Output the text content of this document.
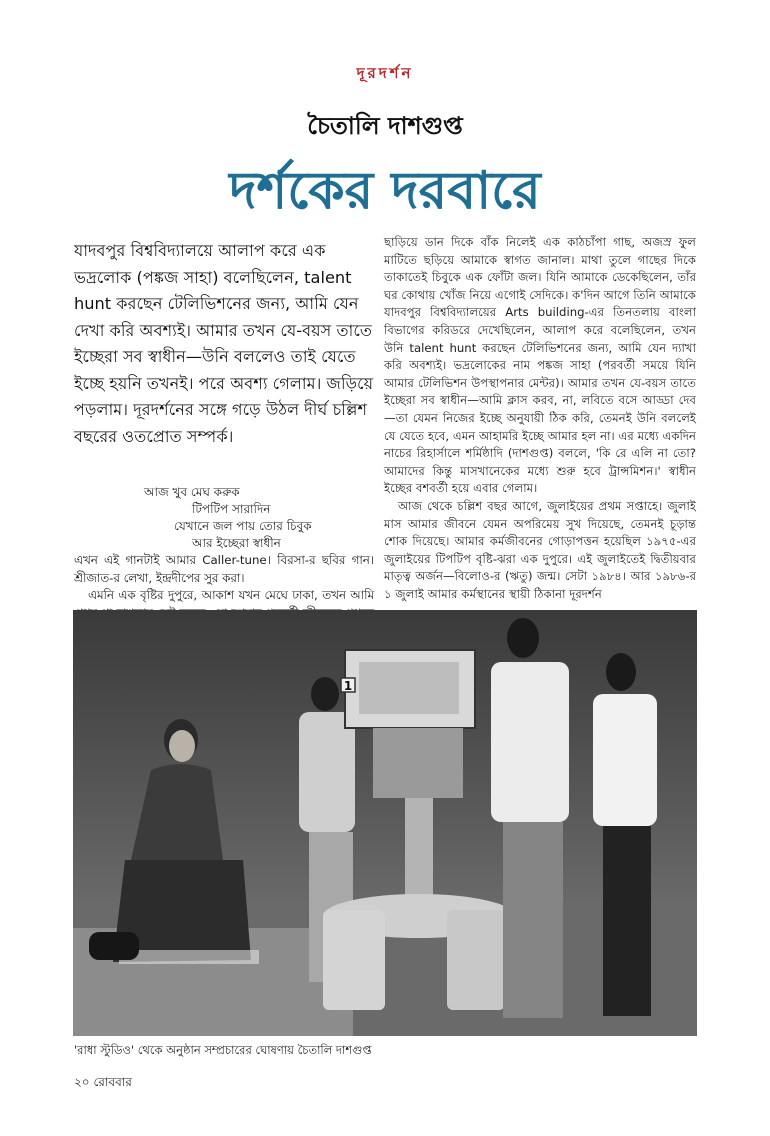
দূরদর্শন
চৈতালি দাশগুপ্ত
দর্শকের দরবারে

যাদবপুর বিশ্ববিদ্যালয়ে আলাপ করে এক ভদ্রলোক (পঙ্কজ সাহা) বলেছিলেন, talent hunt করছেন টেলিভিশনের জন্য, আমি যেন দেখা করি অবশ্যই। আমার তখন যে-বয়স তাতে ইচ্ছেরা সব স্বাধীন—উনি বললেও তাই যেতে ইচ্ছে হয়নি তখনই। পরে অবশ্য গেলাম। জড়িয়ে পড়লাম। দূরদর্শনের সঙ্গে গড়ে উঠল দীর্ঘ চল্লিশ বছরের ওতপ্রোত সম্পর্ক।

আজ খুব মেঘ করুক
টিপটিপ সারাদিন
যেখানে জল পায় তোর চিবুক
আর ইচ্ছেরা স্বাধীন

এখন এই গানটাই আমার Caller-tune। বিরসা-র ছবির গান। শ্রীজাত-র লেখা, ইন্দ্রদীপের সুর করা।

এমনি এক বৃষ্টির দুপুরে, আকাশ যখন মেঘে ঢাকা, তখন আমি

ছাড়িয়ে ডান দিকে বাঁক নিলেই এক কাঠচাঁপা গাছ, অজস্র ফুল মাটিতে ছড়িয়ে আমাকে স্বাগত জানাল। মাথা তুলে গাছের দিকে তাকাতেই চিবুকে এক ফোঁটা জল। যিনি আমাকে ডেকেছিলেন, তাঁর ঘর কোথায় খোঁজ নিয়ে এগোই সেদিকে। ক'দিন আগে তিনি আমাকে যাদবপুর বিশ্ববিদ্যালয়ের Arts building-এর তিনতলায় বাংলা বিভাগের করিডরে দেখেছিলেন, আলাপ করে বলেছিলেন, তখন উনি talent hunt করছেন টেলিভিশনের জন্য, আমি যেন দ্যাখা করি অবশ্যই। ভদ্রলোকের নাম পঙ্কজ সাহা (পরবর্তী সময়ে যিনি আমার টেলিভিশন উপস্থাপনার মেন্টর)। আমার তখন যে-বয়স তাতে ইচ্ছেরা সব স্বাধীন—আমি ক্লাস করব, না, লবিতে বসে আড্ডা দেব—তা যেমন নিজের ইচ্ছে অনুযায়ী ঠিক করি, তেমনই উনি বললেই যে যেতে হবে, এমন আহামরি ইচ্ছে আমার হল না। এর মধ্যে একদিন নাচের রিহার্সালে শর্মিষ্ঠাদি (দাশগুপ্ত) বললে, 'কি রে এলি না তো? আমাদের কিন্তু মাসখানেকের মধ্যে শুরু হবে ট্রান্সমিশন।' স্বাধীন ইচ্ছের বশবর্তী হয়ে এবার গেলাম।

আজ থেকে চল্লিশ বছর আগে, জুলাইয়ের প্রথম সপ্তাহে। জুলাই মাস আমার জীবনে যেমন অপরিমেয় সুখ দিয়েছে, তেমনই চূড়ান্ত শোক দিয়েছে। আমার কর্মজীবনের গোড়াপত্তন হয়েছিল ১৯৭৫-এর জুলাইয়ের টিপটিপ বৃষ্টি-ঝরা এক দুপুরে। এই জুলাইতেই দ্বিতীয়বার মাতৃত্ব অর্জন—বিলোও-র (ঋতু) জন্ম। সেটা ১৯৮৪। আর ১৯৮৬-র ১ জুলাই আমার কর্মস্থানের স্থায়ী ঠিকানা দূরদর্শন

1
'রাধা স্টুডিও' থেকে অনুষ্ঠান সম্প্রচারের ঘোষণায় চৈতালি দাশগুপ্ত
২০ রোববার
